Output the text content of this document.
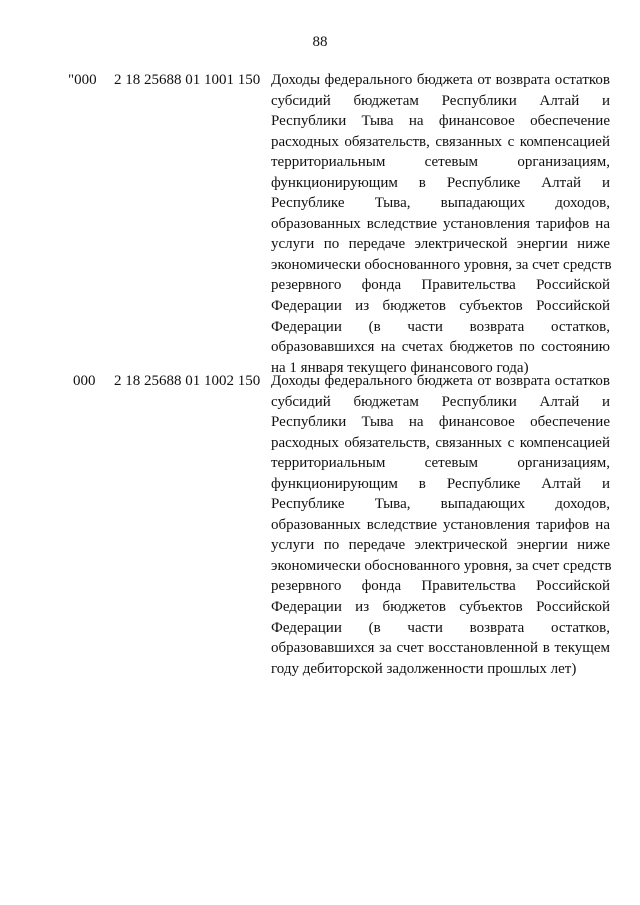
88
"000 2 18 25688 01 1001 150 Доходы федерального бюджета от возврата остатков
субсидий бюджетам Республики Алтай и
Республики Тыва на финансовое обеспечение
расходных обязательств, связанных с компенсацией
территориальным сетевым организациям,
функционирующим в Республике Алтай и
Республике Тыва, выпадающих доходов,
образованных вследствие установления тарифов на
услуги по передаче электрической энергии ниже
экономически обоснованного уровня, за счет средств
резервного фонда Правительства Российской
Федерации из бюджетов субъектов Российской
Федерации (в части возврата остатков,
образовавшихся на счетах бюджетов по состоянию
на 1 января текущего финансового года)
000 2 18 25688 01 1002 150 Доходы федерального бюджета от возврата остатков
субсидий бюджетам Республики Алтай и
Республики Тыва на финансовое обеспечение
расходных обязательств, связанных с компенсацией
территориальным сетевым организациям,
функционирующим в Республике Алтай и
Республике Тыва, выпадающих доходов,
образованных вследствие установления тарифов на
услуги по передаче электрической энергии ниже
экономически обоснованного уровня, за счет средств
резервного фонда Правительства Российской
Федерации из бюджетов субъектов Российской
Федерации (в части возврата остатков,
образовавшихся за счет восстановленной в текущем
году дебиторской задолженности прошлых лет)
